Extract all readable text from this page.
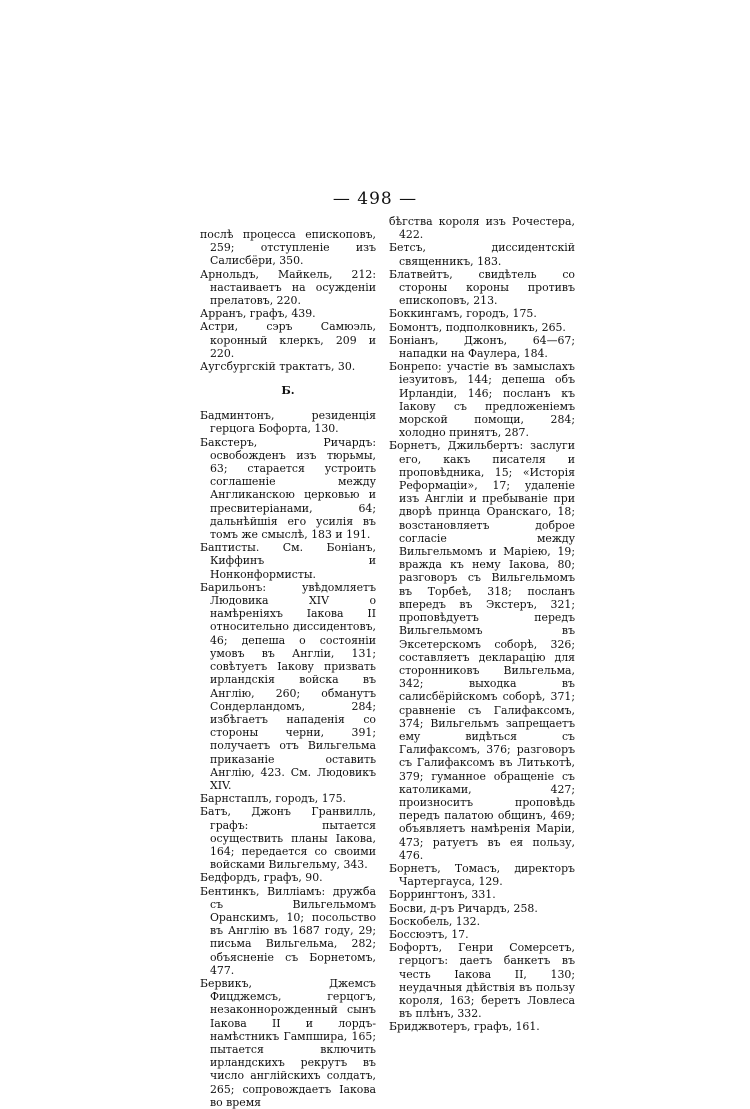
— 498 —
послѣ процесса епископовъ, 259; отступленіе изъ Салисбёри, 350.
Арнольдъ, Майкель, 212: настаиваетъ на осужденіи прелатовъ, 220.
Арранъ, графъ, 439.
Астри, сэръ Самюэль, коронный клеркъ, 209 и 220.
Аугсбургскій трактатъ, 30.
Б.
Бадминтонъ, резиденція герцога Бофорта, 130.
Бакстеръ, Ричардъ: освобожденъ изъ тюрьмы, 63; старается устроить соглашеніе между Англиканскою церковью и пресвитеріанами, 64; дальнѣйшія его усилія въ томъ же смыслѣ, 183 и 191.
Баптисты. См. Боніанъ, Киффинъ и Нонконформисты.
Барильонъ: увѣдомляетъ Людовика XIV о намѣреніяхъ Іакова II относительно диссидентовъ, 46; депеша о состояніи умовъ въ Англіи, 131; совѣтуетъ Іакову призвать ирландскія войска въ Англію, 260; обманутъ Сондерландомъ, 284; избѣгаетъ нападенія со стороны черни, 391; получаетъ отъ Вильгельма приказаніе оставить Англію, 423. См. Людовикъ XIV.
Барнстаплъ, городъ, 175.
Батъ, Джонъ Гранвилль, графъ: пытается осуществить планы Іакова, 164; передается со своими войсками Вильгельму, 343.
Бедфордъ, графъ, 90.
Бентинкъ, Вилліамъ: дружба съ Вильгельмомъ Оранскимъ, 10; посольство въ Англію въ 1687 году, 29; письма Вильгельма, 282; объясненіе съ Борнетомъ, 477.
Бервикъ, Джемсъ Фицджемсъ, герцогъ, незаконнорожденный сынъ Іакова II и лордъ-намѣстникъ Гампшира, 165; пытается включить ирландскихъ рекрутъ въ число англійскихъ солдатъ, 265; сопровождаетъ Іакова во время
бѣгства короля изъ Рочестера, 422.
Бетсъ, диссидентскій священникъ, 183.
Блатвейтъ, свидѣтель со стороны короны противъ епископовъ, 213.
Боккингамъ, городъ, 175.
Бомонтъ, подполковникъ, 265.
Боніанъ, Джонъ, 64—67; нападки на Фаулера, 184.
Бонрепо: участіе въ замыслахъ іезуитовъ, 144; депеша объ Ирландіи, 146; посланъ къ Іакову съ предложеніемъ морской помощи, 284; холодно принятъ, 287.
Борнетъ, Джильбертъ: заслуги его, какъ писателя и проповѣдника, 15; «Исторія Реформаціи», 17; удаленіе изъ Англіи и пребываніе при дворѣ принца Оранскаго, 18; возстановляетъ доброе согласіе между Вильгельмомъ и Маріею, 19; вражда къ нему Іакова, 80; разговоръ съ Вильгельмомъ въ Торбеѣ, 318; посланъ впередъ въ Экстеръ, 321; проповѣдуетъ передъ Вильгельмомъ въ Эксетерскомъ соборѣ, 326; составляетъ декларацію для сторонниковъ Вильгельма, 342; выходка въ салисбёрійскомъ соборѣ, 371; сравненіе съ Галифаксомъ, 374; Вильгельмъ запрещаетъ ему видѣться съ Галифаксомъ, 376; разговоръ съ Галифаксомъ въ Литькотѣ, 379; гуманное обращеніе съ католиками, 427; произноситъ проповѣдь передъ палатою общинъ, 469; объявляетъ намѣренія Маріи, 473; ратуетъ въ ея пользу, 476.
Борнетъ, Томасъ, директоръ Чартергауса, 129.
Боррингтонъ, 331.
Босви, д-ръ Ричардъ, 258.
Боскобель, 132.
Боссюэтъ, 17.
Бофортъ, Генри Сомерсетъ, герцогъ: даетъ банкетъ въ честь Іакова II, 130; неудачныя дѣйствія въ пользу короля, 163; беретъ Ловлеса въ плѣнъ, 332.
Бриджвотеръ, графъ, 161.
